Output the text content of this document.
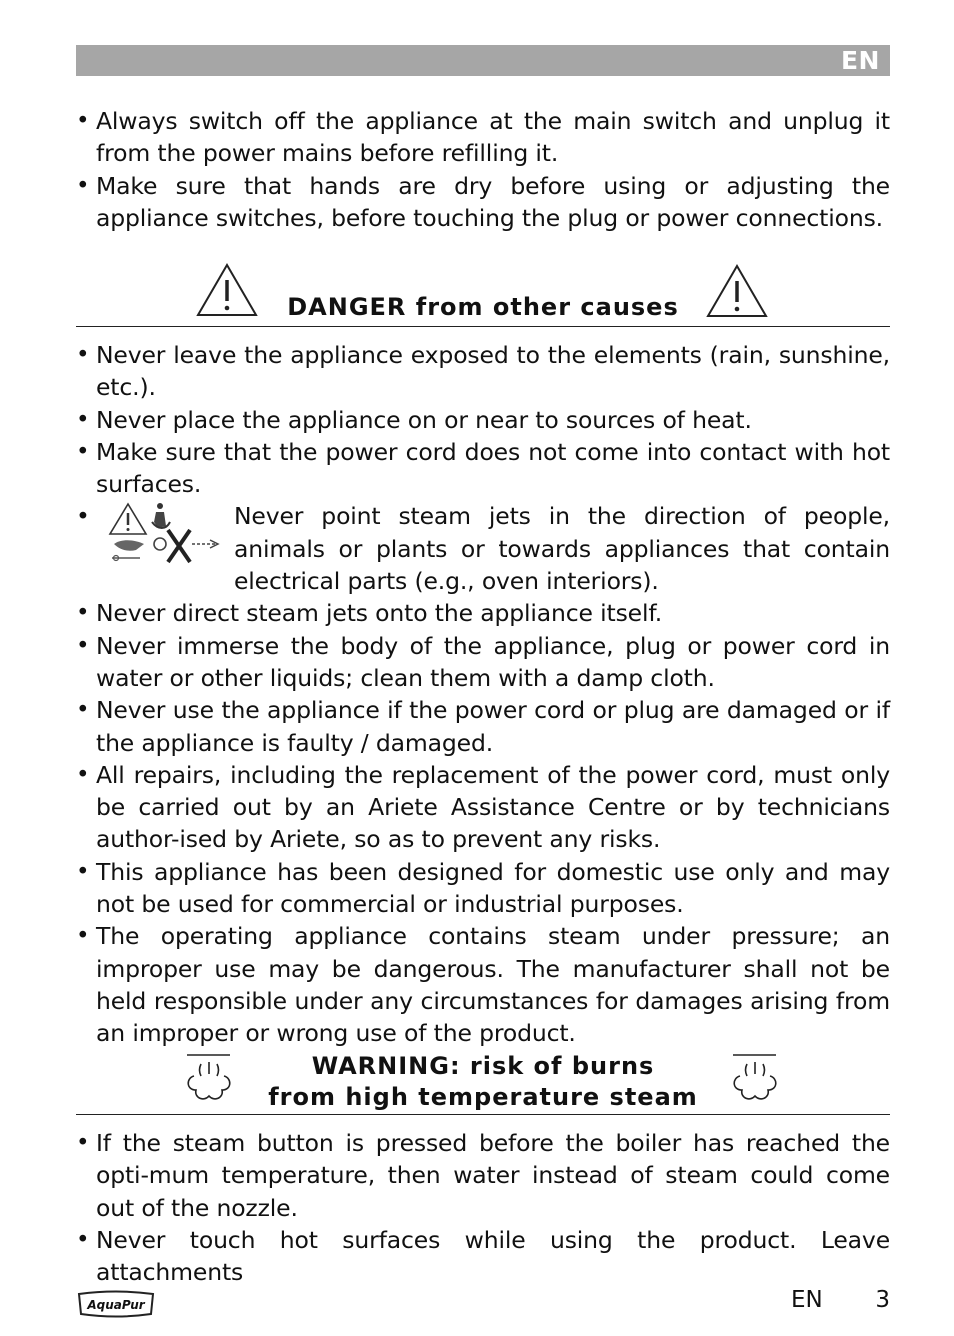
EN
• Always switch off the appliance at the main switch and unplug it from the power mains before refilling it.
• Make sure that hands are dry before using or adjusting the appliance switches, before touching the plug or power connections.
DANGER from other causes
• Never leave the appliance exposed to the elements (rain, sunshine, etc.).
• Never place the appliance on or near to sources of heat.
• Make sure that the power cord does not come into contact with hot surfaces.
•	Never point steam jets in the direction of people, animals or plants or towards appliances that contain electrical parts (e.g., oven interiors).
• Never direct steam jets onto the appliance itself.
• Never immerse the body of the appliance, plug or power cord in water or other liquids; clean them with a damp cloth.
• Never use the appliance if the power cord or plug are damaged or if the appliance is faulty / damaged.
• All repairs, including the replacement of the power cord, must only be carried out by an Ariete Assistance Centre or by technicians author-ised by Ariete, so as to prevent any risks.
• This appliance has been designed for domestic use only and may not be used for commercial or industrial purposes.
• The operating appliance contains steam under pressure; an improper use may be dangerous. The manufacturer shall not be held responsible under any circumstances for damages arising from an improper or wrong use of the product.
WARNING: risk of burns
from high temperature steam
• If the steam button is pressed before the boiler has reached the opti-mum temperature, then water instead of steam could come out of the nozzle.
• Never touch hot surfaces while using the product. Leave attachments
AquaPur	EN 3
